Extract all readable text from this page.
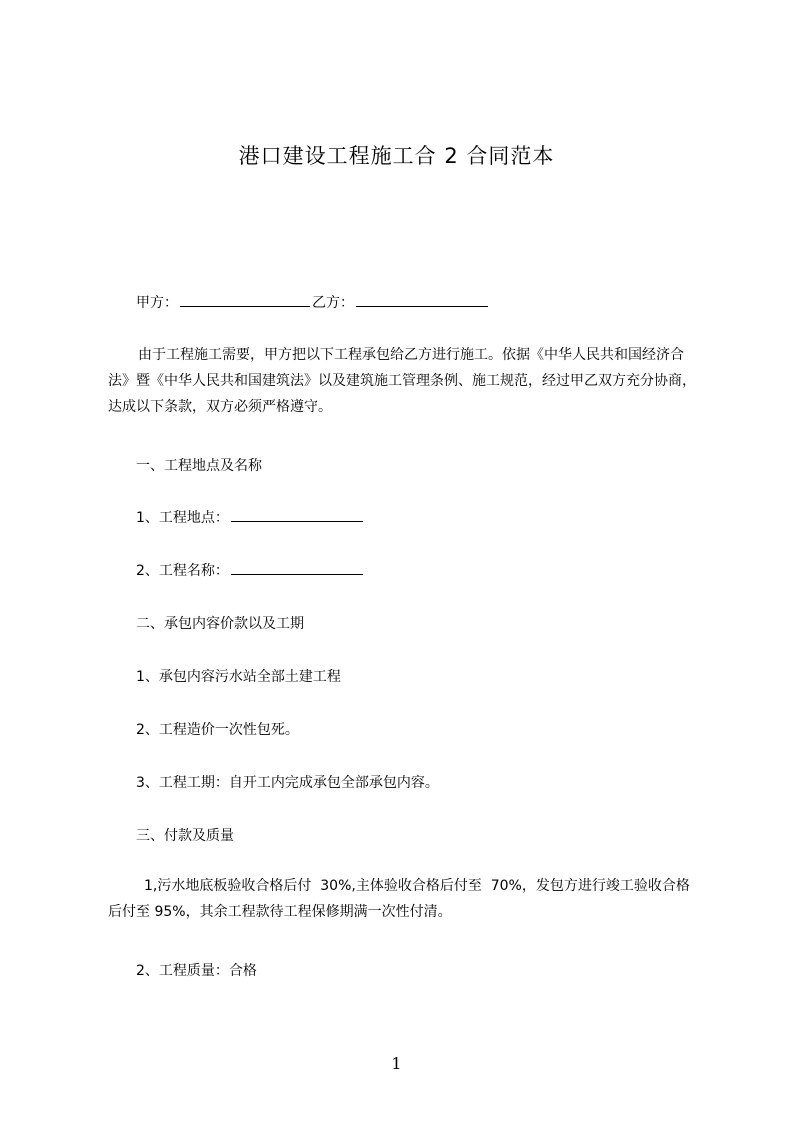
港口建设工程施工合 2 合同范本
甲方：	乙方：
由于工程施工需要，甲方把以下工程承包给乙方进行施工。依据《中华人民共和国经济合法》暨《中华人民共和国建筑法》以及建筑施工管理条例、施工规范，经过甲乙双方充分协商，达成以下条款，双方必须严格遵守。
一、工程地点及名称
1、工程地点：
2、工程名称：
二、承包内容价款以及工期
1、承包内容污水站全部土建工程
2、工程造价一次性包死。
3、工程工期：自开工内完成承包全部承包内容。
三、付款及质量
1,污水地底板验收合格后付  30%,主体验收合格后付至  70%，发包方进行竣工验收合格后付至 95%，其余工程款待工程保修期满一次性付清。
2、工程质量：合格
1
